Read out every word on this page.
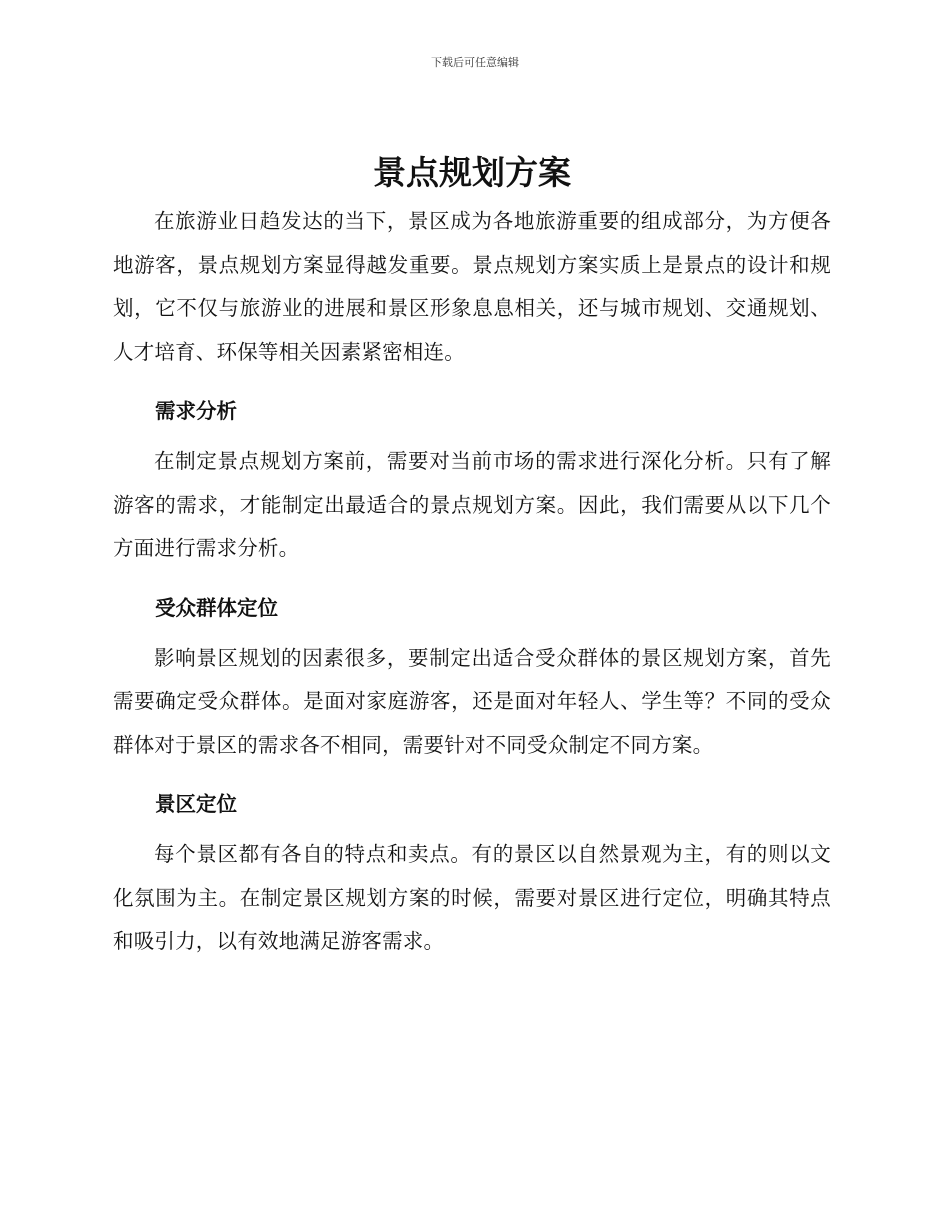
下载后可任意编辑
景点规划方案

在旅游业日趋发达的当下，景区成为各地旅游重要的组成部分，为方便各地游客，景点规划方案显得越发重要。景点规划方案实质上是景点的设计和规划，它不仅与旅游业的进展和景区形象息息相关，还与城市规划、交通规划、人才培育、环保等相关因素紧密相连。

需求分析

在制定景点规划方案前，需要对当前市场的需求进行深化分析。只有了解游客的需求，才能制定出最适合的景点规划方案。因此，我们需要从以下几个方面进行需求分析。

受众群体定位

影响景区规划的因素很多，要制定出适合受众群体的景区规划方案，首先需要确定受众群体。是面对家庭游客，还是面对年轻人、学生等？不同的受众群体对于景区的需求各不相同，需要针对不同受众制定不同方案。

景区定位

每个景区都有各自的特点和卖点。有的景区以自然景观为主，有的则以文化氛围为主。在制定景区规划方案的时候，需要对景区进行定位，明确其特点和吸引力，以有效地满足游客需求。
